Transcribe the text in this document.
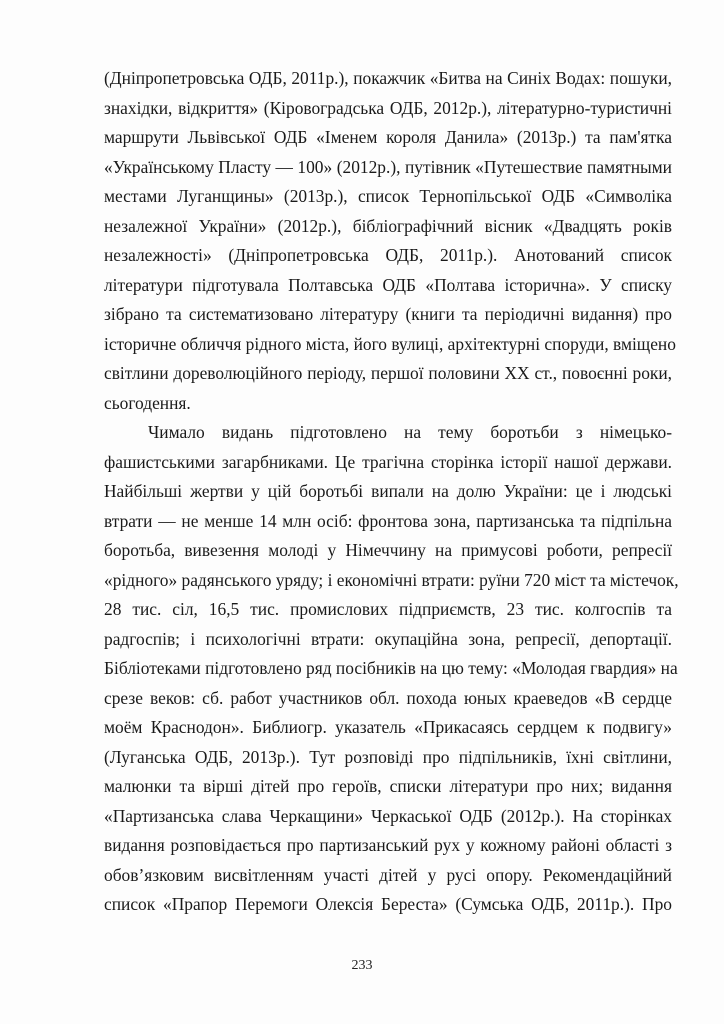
(Дніпропетровська ОДБ, 2011р.), покажчик «Битва на Синіх Водах: пошуки,
знахідки, відкриття» (Кіровоградська ОДБ, 2012р.), літературно-туристичні
маршрути Львівської ОДБ «Іменем короля Данила» (2013р.) та пам'ятка
«Українському Пласту — 100» (2012р.), путівник «Путешествие памятными
местами Луганщины» (2013р.), список Тернопільської ОДБ «Символіка
незалежної України» (2012р.), бібліографічний вісник «Двадцять років
незалежності» (Дніпропетровська ОДБ, 2011р.). Анотований список
літератури підготувала Полтавська ОДБ «Полтава історична». У списку
зібрано та систематизовано літературу (книги та періодичні видання) про
історичне обличчя рідного міста, його вулиці, архітектурні споруди, вміщено
світлини дореволюційного періоду, першої половини XX ст., повоєнні роки,
сьогодення.
Чимало видань підготовлено на тему боротьби з німецько-
фашистськими загарбниками. Це трагічна сторінка історії нашої держави.
Найбільші жертви у цій боротьбі випали на долю України: це і людські
втрати — не менше 14 млн осіб: фронтова зона, партизанська та підпільна
боротьба, вивезення молоді у Німеччину на примусові роботи, репресії
«рідного» радянського уряду; і економічні втрати: руїни 720 міст та містечок,
28 тис. сіл, 16,5 тис. промислових підприємств, 23 тис. колгоспів та
радгоспів; і психологічні втрати: окупаційна зона, репресії, депортації.
Бібліотеками підготовлено ряд посібників на цю тему: «Молодая гвардия» на
срезе веков: сб. работ участников обл. похода юных краеведов «В сердце
моём Краснодон». Библиогр. указатель «Прикасаясь сердцем к подвигу»
(Луганська ОДБ, 2013р.). Тут розповіді про підпільників, їхні світлини,
малюнки та вірші дітей про героїв, списки літератури про них; видання
«Партизанська слава Черкащини» Черкаської ОДБ (2012р.). На сторінках
видання розповідається про партизанський рух у кожному районі області з
обов’язковим висвітленням участі дітей у русі опору. Рекомендаційний
список «Прапор Перемоги Олексія Береста» (Сумська ОДБ, 2011р.). Про
233
